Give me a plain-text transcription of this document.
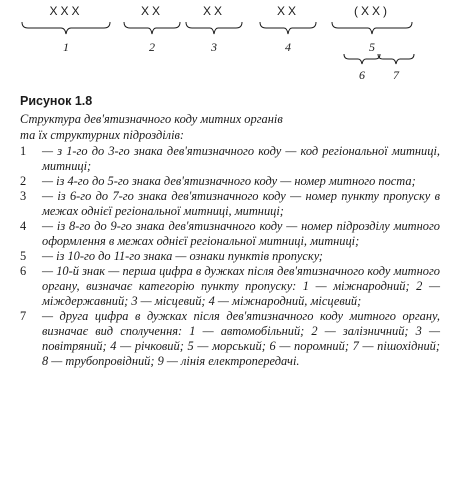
XXX	XX	XX	XX	(XX)
1	2	3	4	5
6	7
Рисунок 1.8
Структура дев'ятизначного коду митних органів
та їх структурних підрозділів:
1 — з 1-го до 3-го знака дев'ятизначного коду — код регіональної митниці, митниці;
2 — із 4-го до 5-го знака дев'ятизначного коду — номер митного поста;
3 — із 6-го до 7-го знака дев'ятизначного коду — номер пункту пропуску в межах однієї регіональної митниці, митниці;
4 — із 8-го до 9-го знака дев'ятизначного коду — номер підрозділу митного оформлення в межах однієї регіональної митниці, митниці;
5 — із 10-го до 11-го знака — ознаки пунктів пропуску;
6 — 10-й знак — перша цифра в дужках після дев'ятизначного коду митного органу, визначає категорію пункту пропуску: 1 — міжнародний; 2 — міждержавний; 3 — місцевий; 4 — міжнародний, місцевий;
7 — друга цифра в дужках після дев'ятизначного коду митного органу, визначає вид сполучення: 1 — автомобільний; 2 — залізничний; 3 — повітряний; 4 — річковий; 5 — морський; 6 — поромний; 7 — пішохідний; 8 — трубопровідний; 9 — лінія електропередачі.
